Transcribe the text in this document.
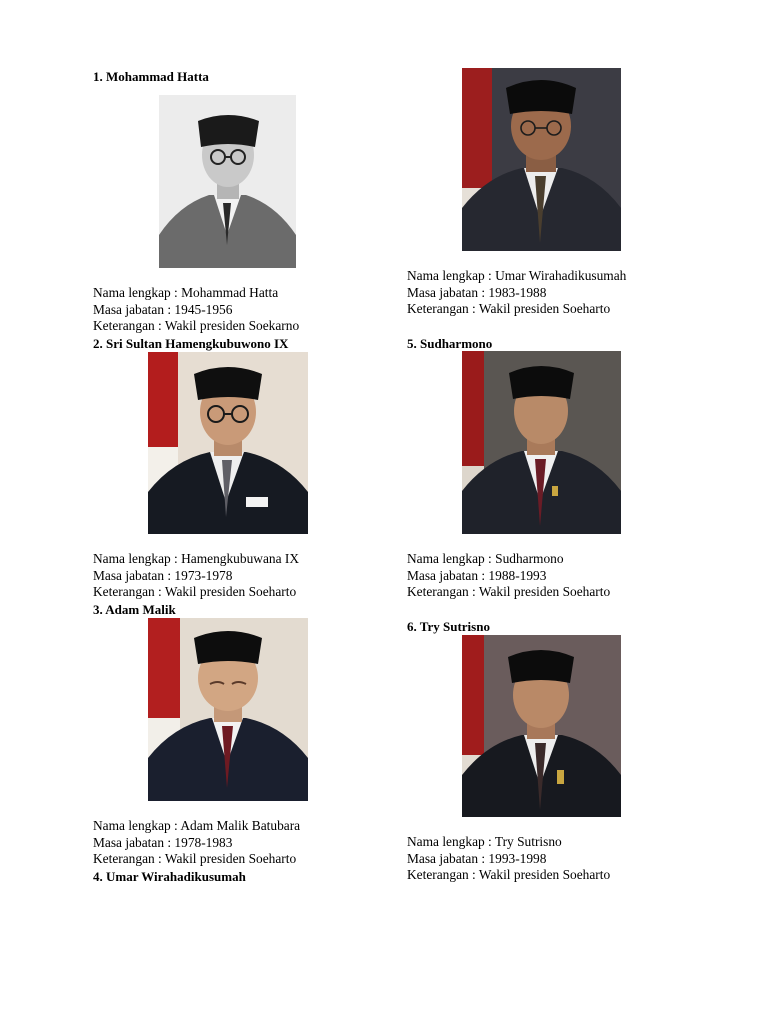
1. Mohammad Hatta
Nama lengkap : Mohammad Hatta
Masa jabatan : 1945-1956
Keterangan : Wakil presiden Soekarno
2. Sri Sultan Hamengkubuwono IX
Nama lengkap : Hamengkubuwana IX
Masa jabatan : 1973-1978
Keterangan : Wakil presiden Soeharto
3. Adam Malik
Nama lengkap : Adam Malik Batubara
Masa jabatan : 1978-1983
Keterangan : Wakil presiden Soeharto
4. Umar Wirahadikusumah
Nama lengkap : Umar Wirahadikusumah
Masa jabatan : 1983-1988
Keterangan : Wakil presiden Soeharto
5. Sudharmono
Nama lengkap : Sudharmono
Masa jabatan : 1988-1993
Keterangan : Wakil presiden Soeharto
6. Try Sutrisno
Nama lengkap : Try Sutrisno
Masa jabatan : 1993-1998
Keterangan : Wakil presiden Soeharto
